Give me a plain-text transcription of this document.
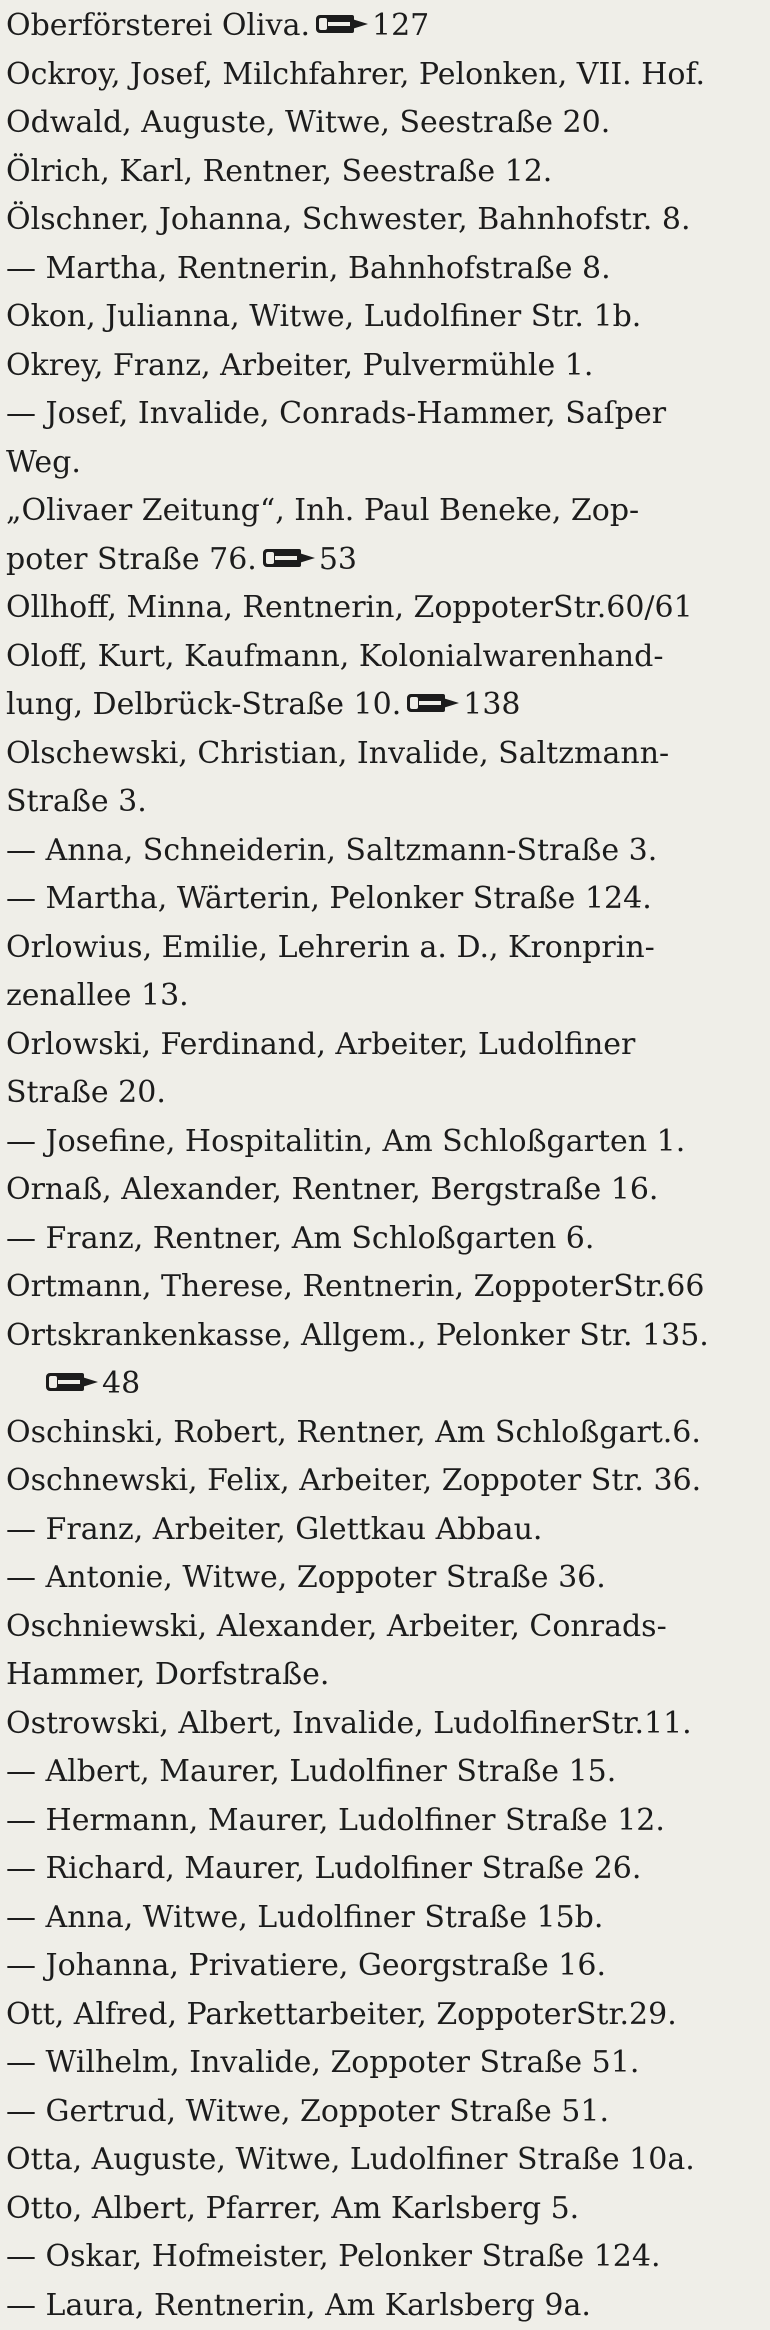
Oberförsterei Oliva. 127
Ockroy, Josef, Milchfahrer, Pelonken, VII. Hof.
Odwald, Auguste, Witwe, Seestraße 20.
Ölrich, Karl, Rentner, Seestraße 12.
Ölschner, Johanna, Schwester, Bahnhofstr. 8.
— Martha, Rentnerin, Bahnhofstraße 8.
Okon, Julianna, Witwe, Ludolfiner Str. 1b.
Okrey, Franz, Arbeiter, Pulvermühle 1.
— Josef, Invalide, Conrads-Hammer, Saſper
Weg.
„Olivaer Zeitung“, Inh. Paul Beneke, Zop-
poter Straße 76. 53
Ollhoff, Minna, Rentnerin, ZoppoterStr.60/61
Oloff, Kurt, Kaufmann, Kolonialwarenhand-
lung, Delbrück-Straße 10. 138
Olschewski, Christian, Invalide, Saltzmann-
Straße 3.
— Anna, Schneiderin, Saltzmann-Straße 3.
— Martha, Wärterin, Pelonker Straße 124.
Orlowius, Emilie, Lehrerin a. D., Kronprin-
zenallee 13.
Orlowski, Ferdinand, Arbeiter, Ludolfiner
Straße 20.
— Josefine, Hospitalitin, Am Schloßgarten 1.
Ornaß, Alexander, Rentner, Bergstraße 16.
— Franz, Rentner, Am Schloßgarten 6.
Ortmann, Therese, Rentnerin, ZoppoterStr.66
Ortskrankenkasse, Allgem., Pelonker Str. 135.
48
Oschinski, Robert, Rentner, Am Schloßgart.6.
Oschnewski, Felix, Arbeiter, Zoppoter Str. 36.
— Franz, Arbeiter, Glettkau Abbau.
— Antonie, Witwe, Zoppoter Straße 36.
Oschniewski, Alexander, Arbeiter, Conrads-
Hammer, Dorfstraße.
Ostrowski, Albert, Invalide, LudolfinerStr.11.
— Albert, Maurer, Ludolfiner Straße 15.
— Hermann, Maurer, Ludolfiner Straße 12.
— Richard, Maurer, Ludolfiner Straße 26.
— Anna, Witwe, Ludolfiner Straße 15b.
— Johanna, Privatiere, Georgstraße 16.
Ott, Alfred, Parkettarbeiter, ZoppoterStr.29.
— Wilhelm, Invalide, Zoppoter Straße 51.
— Gertrud, Witwe, Zoppoter Straße 51.
Otta, Auguste, Witwe, Ludolfiner Straße 10a.
Otto, Albert, Pfarrer, Am Karlsberg 5.
— Oskar, Hofmeister, Pelonker Straße 124.
— Laura, Rentnerin, Am Karlsberg 9a.
